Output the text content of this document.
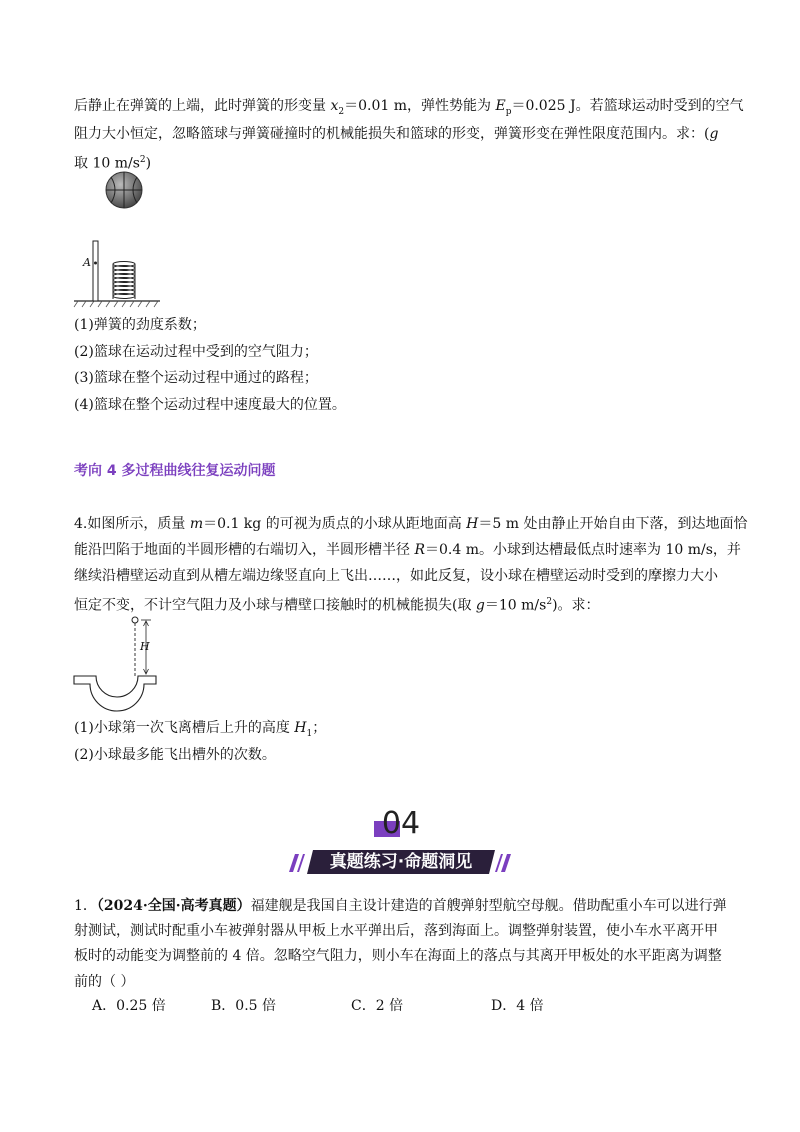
后静止在弹簧的上端，此时弹簧的形变量 $x_2=0.01$ m，弹性势能为 $E_p=0.025$ J。若篮球运动时受到的空气
阻力大小恒定，忽略篮球与弹簧碰撞时的机械能损失和篮球的形变，弹簧形变在弹性限度范围内。求：(g
取 10 $m/s^2$)
A
(1)弹簧的劲度系数；
(2)篮球在运动过程中受到的空气阻力；
(3)篮球在整个运动过程中通过的路程；
(4)篮球在整个运动过程中速度最大的位置。
考向 4 多过程曲线往复运动问题
4.如图所示，质量 m＝0.1 kg 的可视为质点的小球从距地面高 H＝5 m 处由静止开始自由下落，到达地面恰
能沿凹陷于地面的半圆形槽的右端切入，半圆形槽半径 R＝0.4 m。小球到达槽最低点时速率为 10 m/s，并
继续沿槽壁运动直到从槽左端边缘竖直向上飞出……，如此反复，设小球在槽壁运动时受到的摩擦力大小
恒定不变，不计空气阻力及小球与槽壁口接触时的机械能损失(取 g＝10 $m/s^2$)。求：
H
(1)小球第一次飞离槽后上升的高度 $H_1$；
(2)小球最多能飞出槽外的次数。
04
真题练习·命题洞见
1．（2024·全国·高考真题）福建舰是我国自主设计建造的首艘弹射型航空母舰。借助配重小车可以进行弹
射测试，测试时配重小车被弹射器从甲板上水平弹出后，落到海面上。调整弹射装置，使小车水平离开甲
板时的动能变为调整前的 4 倍。忽略空气阻力，则小车在海面上的落点与其离开甲板处的水平距离为调整
前的（ ）
A．0.25 倍	B．0.5 倍	C．2 倍	D．4 倍
